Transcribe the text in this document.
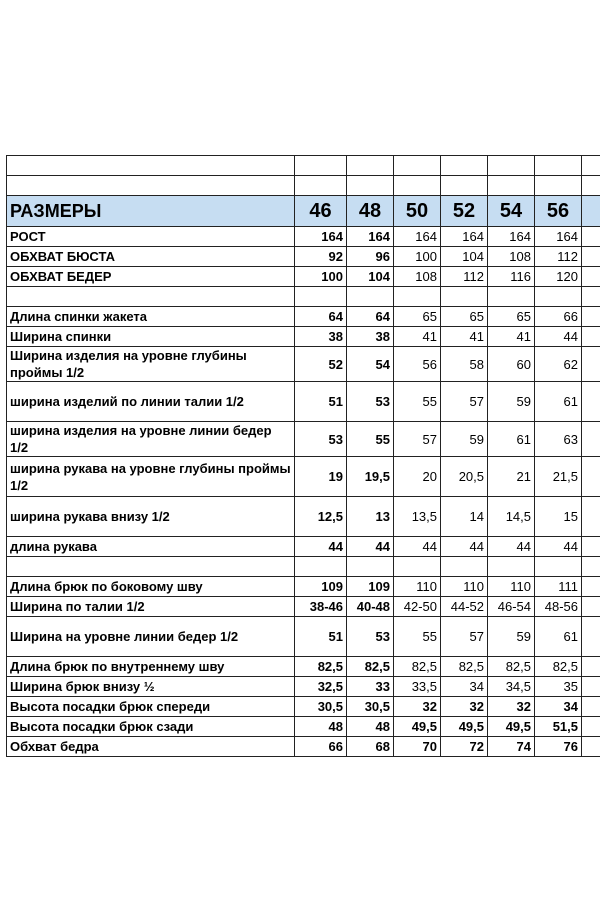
РАЗМЕРЫ	46	48	50	52	54	56	
РОСТ	164	164	164	164	164	164	
ОБХВАТ БЮСТА	92	96	100	104	108	112	
ОБХВАТ БЕДЕР	100	104	108	112	116	120	

Длина спинки жакета	64	64	65	65	65	66	
Ширина спинки	38	38	41	41	41	44	
Ширина изделия на уровне глубины проймы 1/2	52	54	56	58	60	62	
ширина изделий по линии талии 1/2	51	53	55	57	59	61	
ширина изделия на уровне линии бедер 1/2	53	55	57	59	61	63	
ширина рукава на уровне глубины проймы 1/2	19	19,5	20	20,5	21	21,5	
ширина рукава внизу 1/2	12,5	13	13,5	14	14,5	15	
длина рукава	44	44	44	44	44	44	

Длина брюк по боковому шву	109	109	110	110	110	111	
Ширина по талии 1/2	38-46	40-48	42-50	44-52	46-54	48-56	
Ширина на уровне линии бедер 1/2	51	53	55	57	59	61	
Длина брюк по внутреннему шву	82,5	82,5	82,5	82,5	82,5	82,5	
Ширина брюк внизу ½	32,5	33	33,5	34	34,5	35	
Высота посадки брюк спереди	30,5	30,5	32	32	32	34	
Высота посадки брюк сзади	48	48	49,5	49,5	49,5	51,5	
Обхват бедра	66	68	70	72	74	76	
